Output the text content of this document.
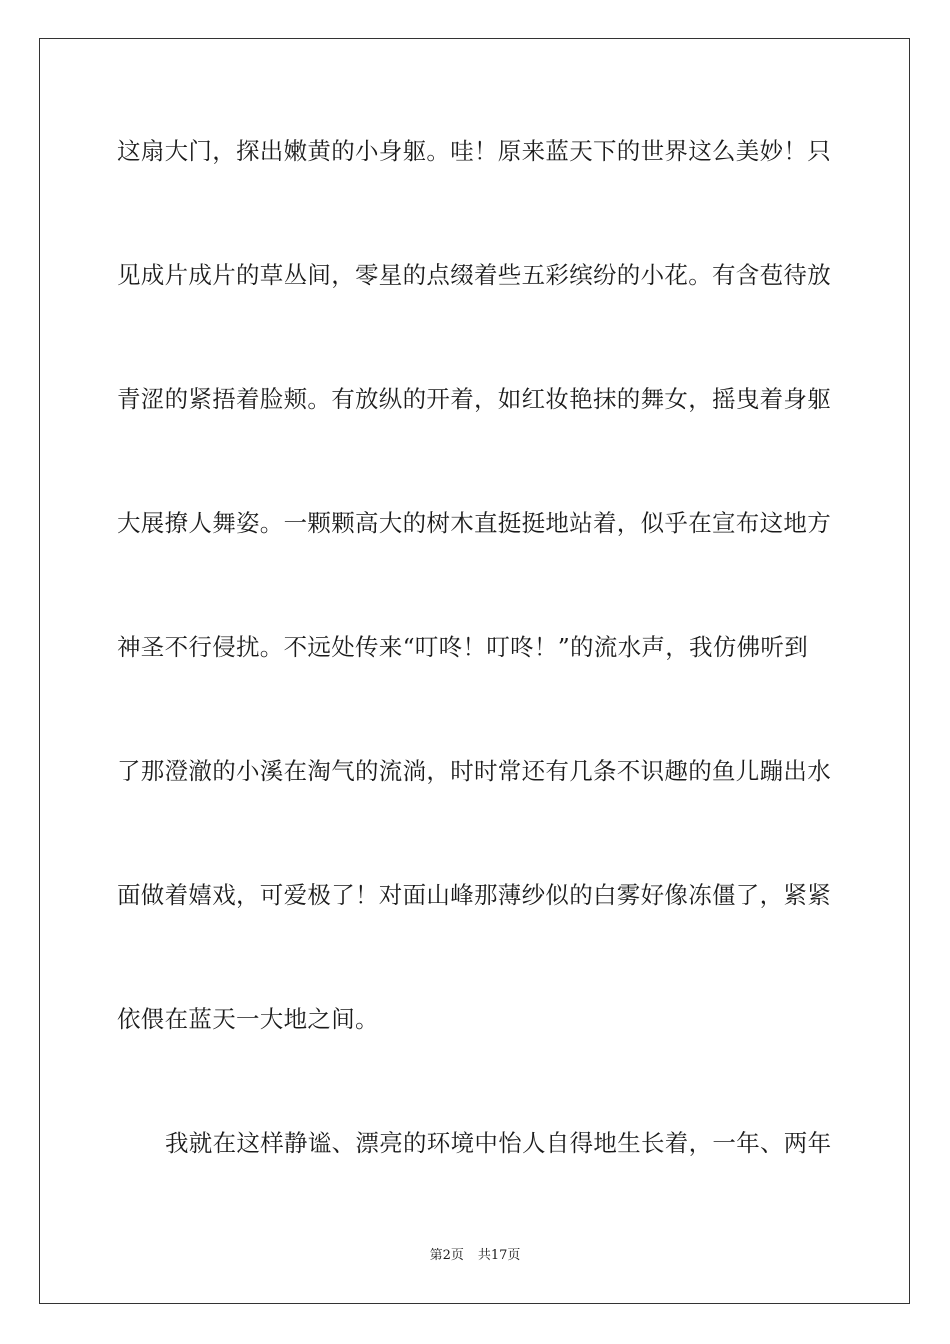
这扇大门，探出嫩黄的小身躯。哇！原来蓝天下的世界这么美妙！只
见成片成片的草丛间，零星的点缀着些五彩缤纷的小花。有含苞待放
青涩的紧捂着脸颊。有放纵的开着，如红妆艳抹的舞女，摇曳着身躯
大展撩人舞姿。一颗颗高大的树木直挺挺地站着，似乎在宣布这地方
神圣不行侵扰。不远处传来“叮咚！叮咚！”的流水声，我仿佛听到
了那澄澈的小溪在淘气的流淌，时时常还有几条不识趣的鱼儿蹦出水
面做着嬉戏，可爱极了！对面山峰那薄纱似的白雾好像冻僵了，紧紧
依偎在蓝天一大地之间。
我就在这样静谧、漂亮的环境中怡人自得地生长着，一年、两年
第2页 共17页
